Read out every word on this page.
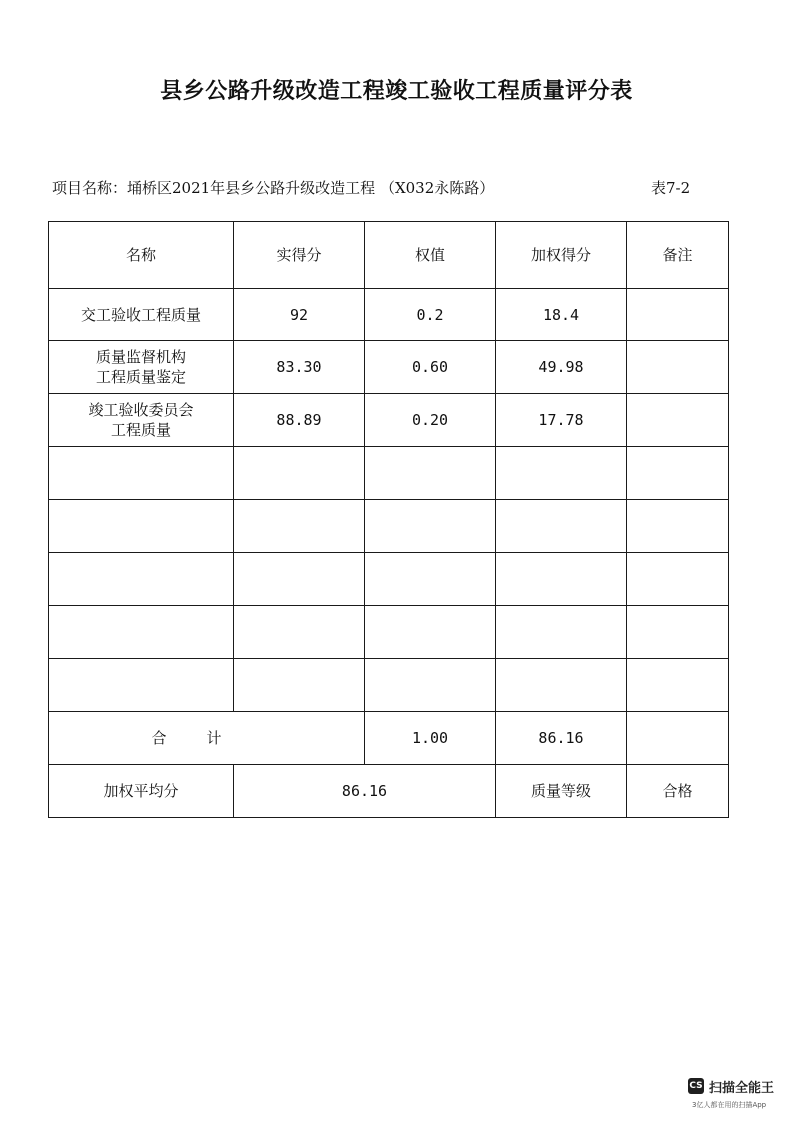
县乡公路升级改造工程竣工验收工程质量评分表
项目名称：埇桥区2021年县乡公路升级改造工程 （X032永陈路）	表7-2
名称	实得分	权值	加权得分	备注
交工验收工程质量	92	0.2	18.4	
质量监督机构
工程质量鉴定	83.30	0.60	49.98	
竣工验收委员会
工程质量	88.89	0.20	17.78	

合计		1.00	86.16	
加权平均分	86.16		质量等级	合格
CS 扫描全能王
3亿人都在用的扫描App
